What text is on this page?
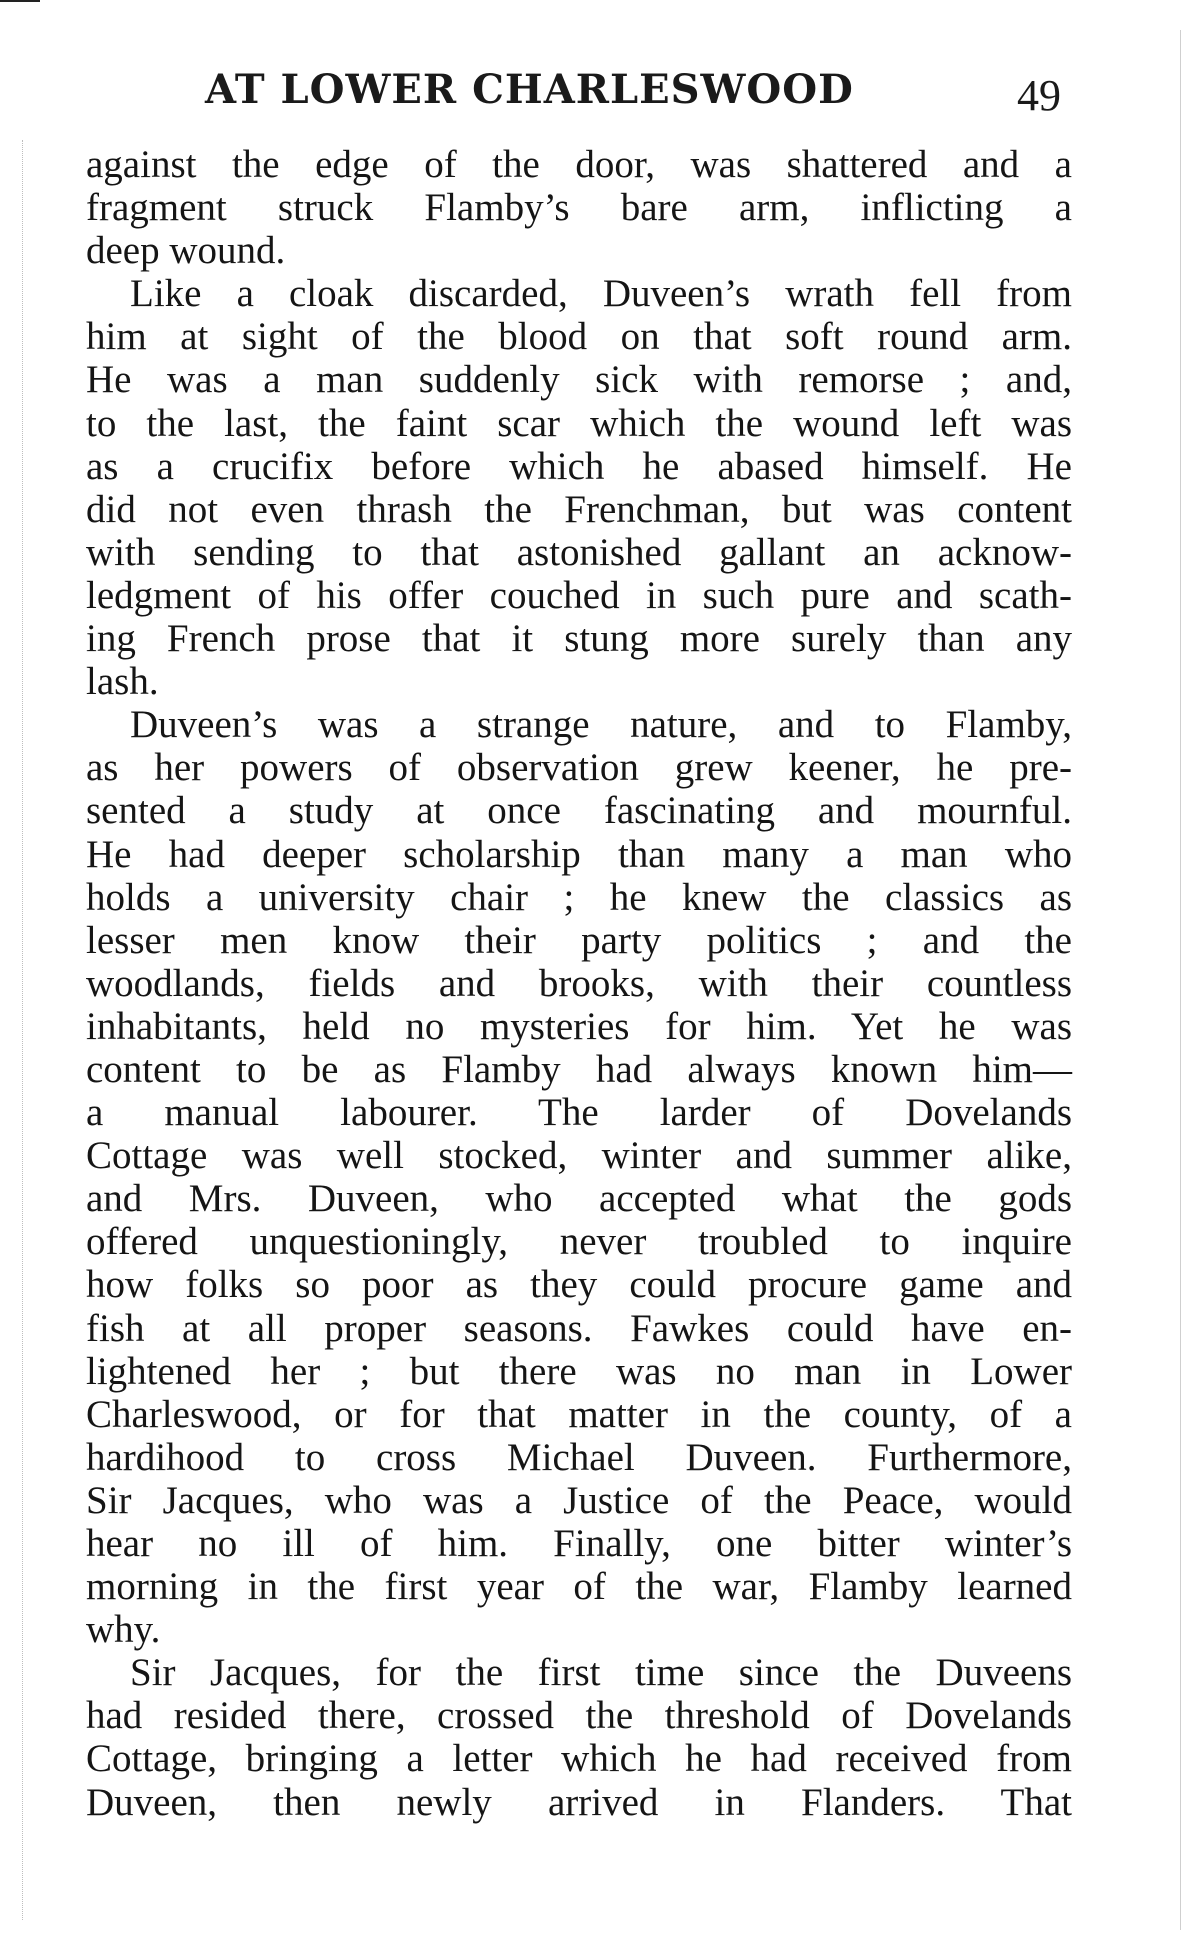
AT LOWER CHARLESWOOD	49
against the edge of the door, was shattered and a
fragment struck Flamby’s bare arm, inflicting a
deep wound.
Like a cloak discarded, Duveen’s wrath fell from
him at sight of the blood on that soft round arm.
He was a man suddenly sick with remorse ; and,
to the last, the faint scar which the wound left was
as a crucifix before which he abased himself. He
did not even thrash the Frenchman, but was content
with sending to that astonished gallant an acknow-
ledgment of his offer couched in such pure and scath-
ing French prose that it stung more surely than any
lash.
Duveen’s was a strange nature, and to Flamby,
as her powers of observation grew keener, he pre-
sented a study at once fascinating and mournful.
He had deeper scholarship than many a man who
holds a university chair ; he knew the classics as
lesser men know their party politics ; and the
woodlands, fields and brooks, with their countless
inhabitants, held no mysteries for him. Yet he was
content to be as Flamby had always known him—
a manual labourer. The larder of Dovelands
Cottage was well stocked, winter and summer alike,
and Mrs. Duveen, who accepted what the gods
offered unquestioningly, never troubled to inquire
how folks so poor as they could procure game and
fish at all proper seasons. Fawkes could have en-
lightened her ; but there was no man in Lower
Charleswood, or for that matter in the county, of a
hardihood to cross Michael Duveen. Furthermore,
Sir Jacques, who was a Justice of the Peace, would
hear no ill of him. Finally, one bitter winter’s
morning in the first year of the war, Flamby learned
why.
Sir Jacques, for the first time since the Duveens
had resided there, crossed the threshold of Dovelands
Cottage, bringing a letter which he had received from
Duveen, then newly arrived in Flanders. That
